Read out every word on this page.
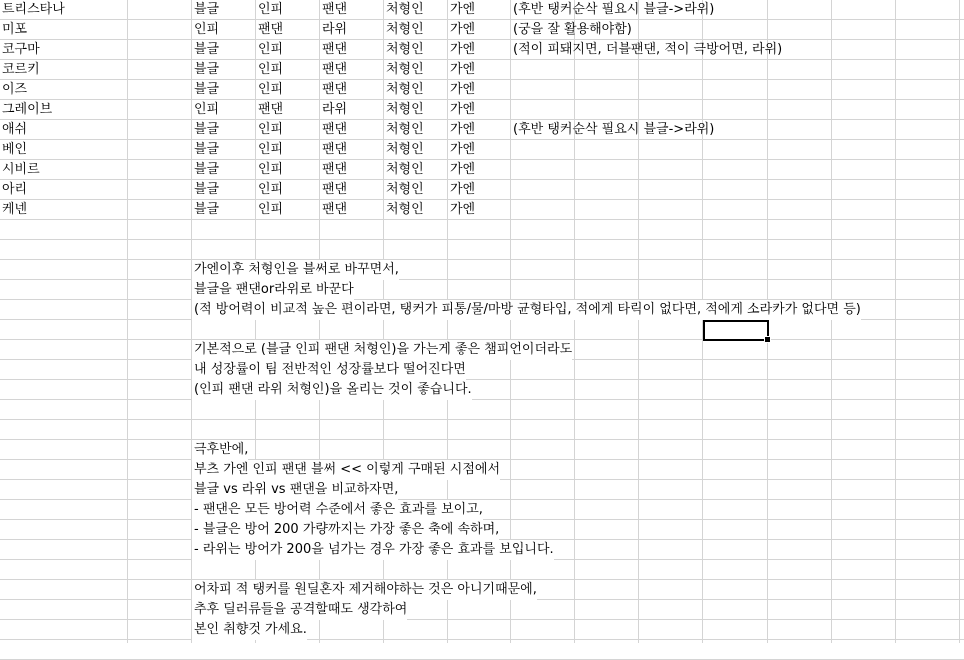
트리스타나	블글	인피	팬댄	처형인	가엔	(후반 탱커순삭 필요시 블글->라위)
미포	인피	팬댄	라위	처형인	가엔	(궁을 잘 활용해야함)
코구마	블글	인피	팬댄	처형인	가엔	(적이 피돼지면, 더블팬댄, 적이 극방어면, 라위)
코르키	블글	인피	팬댄	처형인	가엔
이즈	블글	인피	팬댄	처형인	가엔
그레이브	인피	팬댄	라위	처형인	가엔
애쉬	블글	인피	팬댄	처형인	가엔	(후반 탱커순삭 필요시 블글->라위)
베인	블글	인피	팬댄	처형인	가엔
시비르	블글	인피	팬댄	처형인	가엔
아리	블글	인피	팬댄	처형인	가엔
케넨	블글	인피	팬댄	처형인	가엔
가엔이후 처형인을 블써로 바꾸면서,
블글을 팬댄or라위로 바꾼다
(적 방어력이 비교적 높은 편이라면, 탱커가 피통/물/마방 균형타입, 적에게 타릭이 없다면, 적에게 소라카가 없다면 등)
기본적으로 (블글 인피 팬댄 처형인)을 가는게 좋은 챔피언이더라도
내 성장률이 팀 전반적인 성장률보다 떨어진다면
(인피 팬댄 라위 처형인)을 올리는 것이 좋습니다.
극후반에,
부츠 가엔 인피 팬댄 블써 << 이렇게 구매된 시점에서
블글 vs 라위 vs 팬댄을 비교하자면,
- 팬댄은 모든 방어력 수준에서 좋은 효과를 보이고,
- 블글은 방어 200 가량까지는 가장 좋은 축에 속하며,
- 라위는 방어가 200을 넘가는 경우 가장 좋은 효과를 보입니다.
어차피 적 탱커를 원딜혼자 제거해야하는 것은 아니기때문에,
추후 딜러류들을 공격할때도 생각하여
본인 취향것 가세요.
